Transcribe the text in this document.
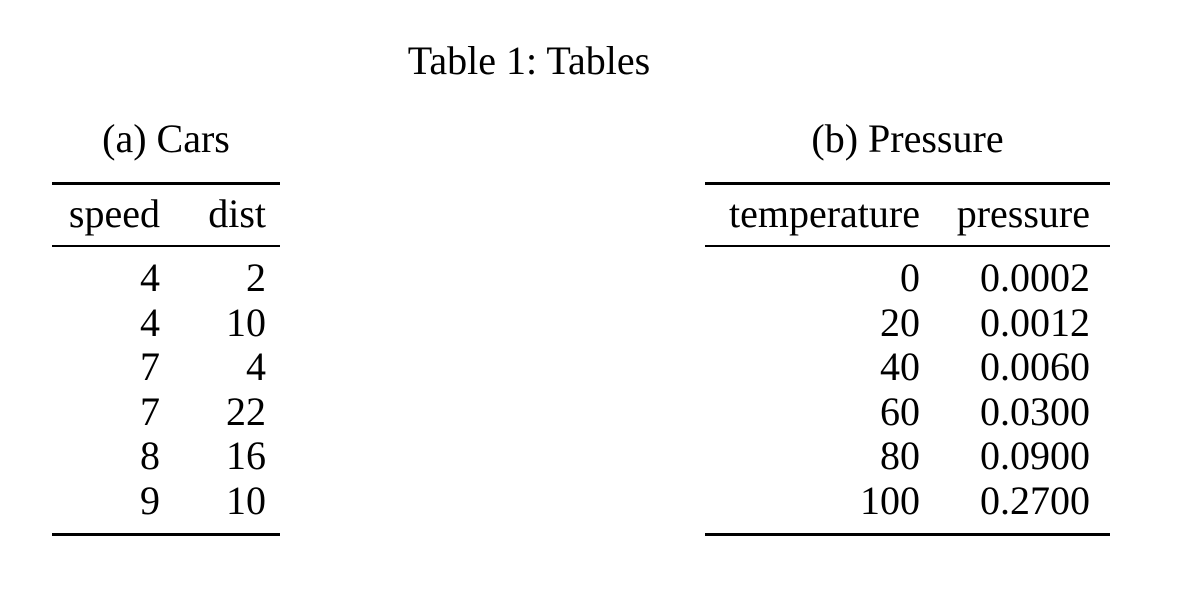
Table 1: Tables
(a) Cars
speed	dist
4	2
4	10
7	4
7	22
8	16
9	10
(b) Pressure
temperature pressure
0	0.0002
20	0.0012
40	0.0060
60	0.0300
80	0.0900
100	0.2700
